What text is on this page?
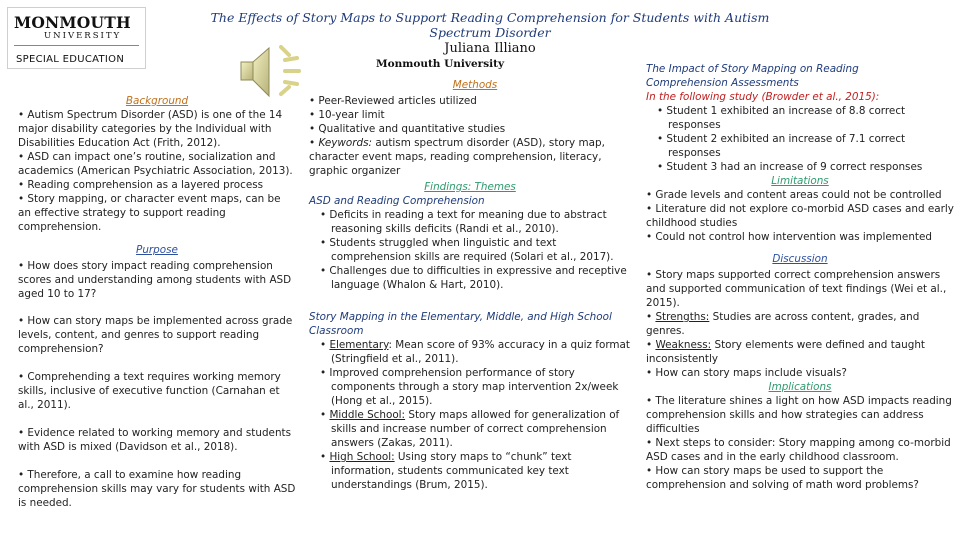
MONMOUTH
UNIVERSITY
SPECIAL EDUCATION
The Effects of Story Maps to Support Reading Comprehension for Students with Autism Spectrum Disorder
Juliana Illiano
Monmouth University

Background

• Autism Spectrum Disorder (ASD) is one of the 14 major disability categories by the Individual with Disabilities Education Act (Frith, 2012).

• ASD can impact one’s routine, socialization and academics (American Psychiatric Association, 2013).

• Reading comprehension as a layered process

• Story mapping, or character event maps, can be an effective strategy to support reading comprehension.

Purpose

• How does story impact reading comprehension scores and understanding among students with ASD aged 10 to 17?

• How can story maps be implemented across grade levels, content, and genres to support reading comprehension?

• Comprehending a text requires working memory skills, inclusive of executive function (Carnahan et al., 2011).

• Evidence related to working memory and students with ASD is mixed (Davidson et al., 2018).

• Therefore, a call to examine how reading comprehension skills may vary for students with ASD is needed.

Methods

• Peer-Reviewed articles utilized

• 10-year limit

• Qualitative and quantitative studies

• Keywords: autism spectrum disorder (ASD), story map, character event maps, reading comprehension, literacy, graphic organizer

Findings: Themes

ASD and Reading Comprehension

• Deficits in reading a text for meaning due to abstract reasoning skills deficits (Randi et al., 2010).

• Students struggled when linguistic and text comprehension skills are required (Solari et al., 2017).

• Challenges due to difficulties in expressive and receptive language (Whalon & Hart, 2010).

Story Mapping in the Elementary, Middle, and High School Classroom

• Elementary: Mean score of 93% accuracy in a quiz format (Stringfield et al., 2011).

• Improved comprehension performance of story components through a story map intervention 2x/week (Hong et al., 2015).

• Middle School: Story maps allowed for generalization of skills and increase number of correct comprehension answers (Zakas, 2011).

• High School: Using story maps to “chunk” text information, students communicated key text understandings (Brum, 2015).

The Impact of Story Mapping on Reading Comprehension Assessments

In the following study (Browder et al., 2015):

• Student 1 exhibited an increase of 8.8 correct responses

• Student 2 exhibited an increase of 7.1 correct responses

• Student 3 had an increase of 9 correct responses

Limitations

• Grade levels and content areas could not be controlled

• Literature did not explore co-morbid ASD cases and early childhood studies

• Could not control how intervention was implemented

Discussion

• Story maps supported correct comprehension answers and supported communication of text findings (Wei et al., 2015).

• Strengths: Studies are across content, grades, and genres.

• Weakness: Story elements were defined and taught inconsistently

• How can story maps include visuals?

Implications

• The literature shines a light on how ASD impacts reading comprehension skills and how strategies can address difficulties

• Next steps to consider: Story mapping among co-morbid ASD cases and in the early childhood classroom.

• How can story maps be used to support the comprehension and solving of math word problems?
